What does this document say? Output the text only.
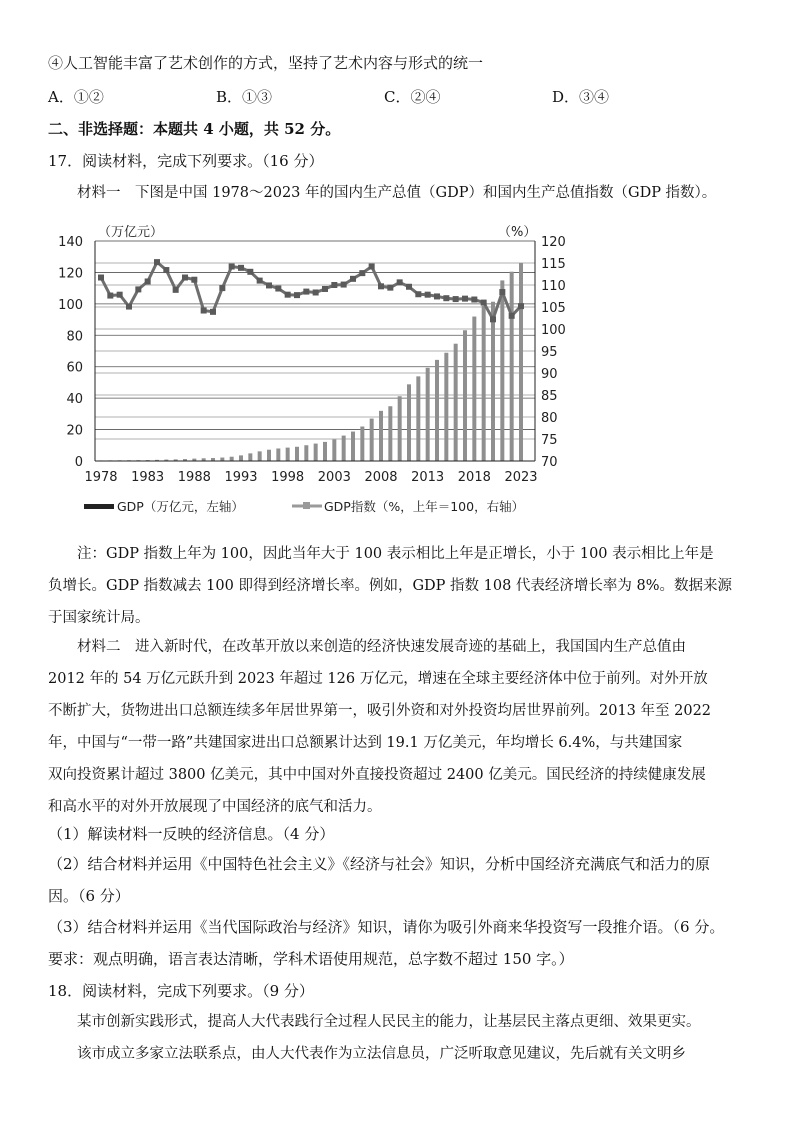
④人工智能丰富了艺术创作的方式，坚持了艺术内容与形式的统一
A．①②	B．①③	C．②④	D．③④
二、非选择题：本题共 4 小题，共 52 分。
17．阅读材料，完成下列要求。（16 分）
材料一　下图是中国 1978～2023 年的国内生产总值（GDP）和国内生产总值指数（GDP 指数）。
0
20
40
60
80
100
120
140
70
75
80
85
90
95
100
105
110
115
120
1978 1983 1988 1993 1998 2003 2008 2013 2018 2023
（万亿元）	（%）
GDP（万亿元，左轴）	GDP指数（%，上年＝100，右轴）
注：GDP 指数上年为 100，因此当年大于 100 表示相比上年是正增长，小于 100 表示相比上年是
负增长。GDP 指数减去 100 即得到经济增长率。例如，GDP 指数 108 代表经济增长率为 8%。数据来源
于国家统计局。
材料二　进入新时代，在改革开放以来创造的经济快速发展奇迹的基础上，我国国内生产总值由
2012 年的 54 万亿元跃升到 2023 年超过 126 万亿元，增速在全球主要经济体中位于前列。对外开放
不断扩大，货物进出口总额连续多年居世界第一，吸引外资和对外投资均居世界前列。2013 年至 2022
年，中国与“一带一路”共建国家进出口总额累计达到 19.1 万亿美元，年均增长 6.4%，与共建国家
双向投资累计超过 3800 亿美元，其中中国对外直接投资超过 2400 亿美元。国民经济的持续健康发展
和高水平的对外开放展现了中国经济的底气和活力。
（1）解读材料一反映的经济信息。（4 分）
（2）结合材料并运用《中国特色社会主义》《经济与社会》知识，分析中国经济充满底气和活力的原
因。（6 分）
（3）结合材料并运用《当代国际政治与经济》知识，请你为吸引外商来华投资写一段推介语。（6 分。
要求：观点明确，语言表达清晰，学科术语使用规范，总字数不超过 150 字。）
18．阅读材料，完成下列要求。（9 分）
某市创新实践形式，提高人大代表践行全过程人民民主的能力，让基层民主落点更细、效果更实。
该市成立多家立法联系点，由人大代表作为立法信息员，广泛听取意见建议，先后就有关文明乡
